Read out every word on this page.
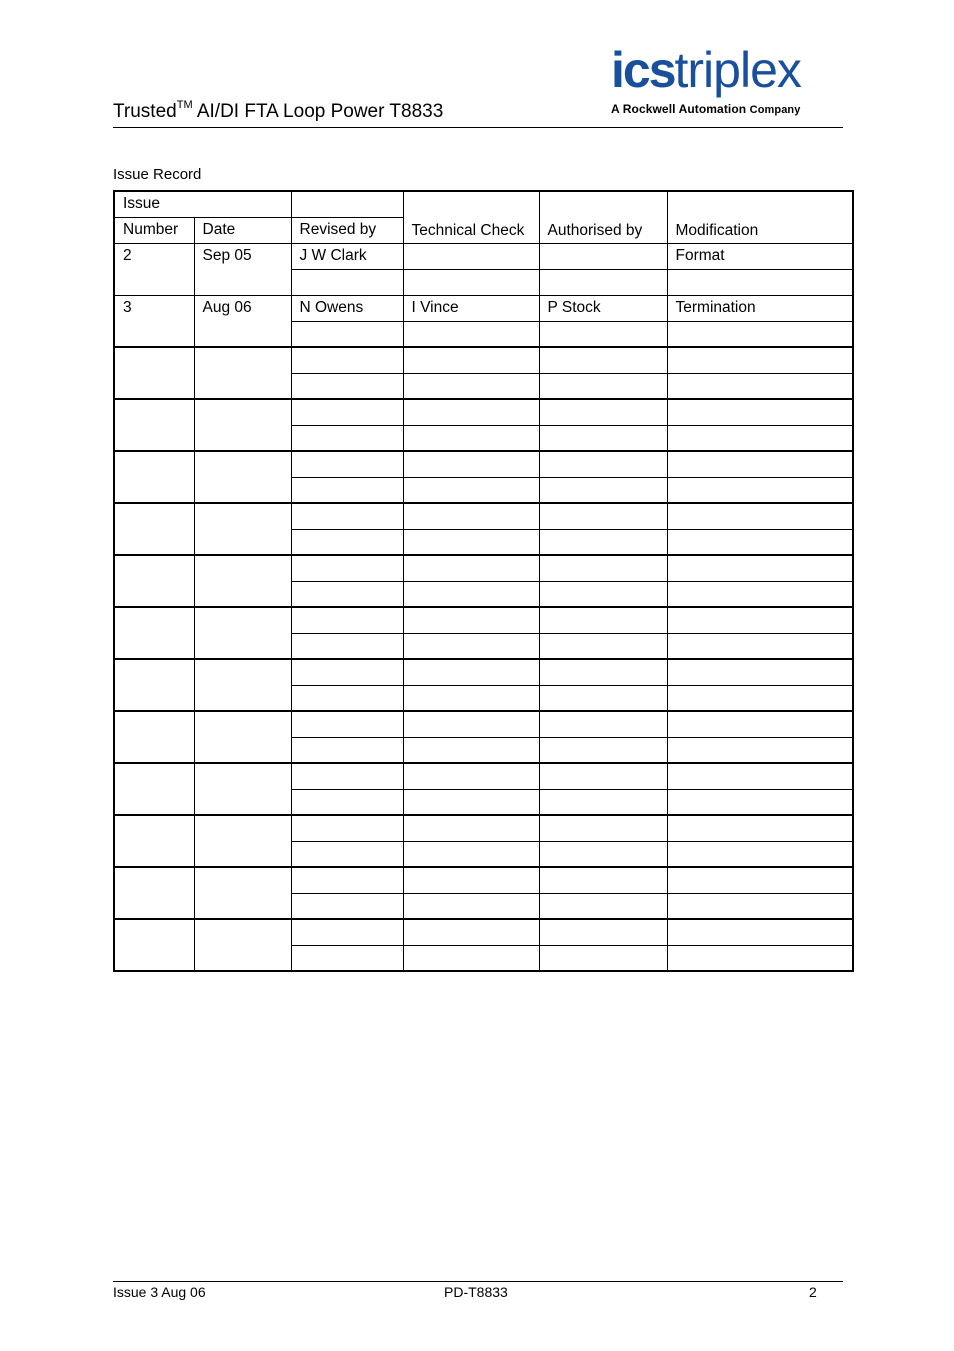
Trusted™ AI/DI FTA Loop Power T8833
icstriplex
A Rockwell Automation Company
Issue Record
Issue			Technical Check	Authorised by	Modification
Number	Date	Revised by			
2	Sep 05	J W Clark			Format

3	Aug 06	N Owens	I Vince	P Stock	Termination

Issue 3 Aug 06	PD-T8833	2
